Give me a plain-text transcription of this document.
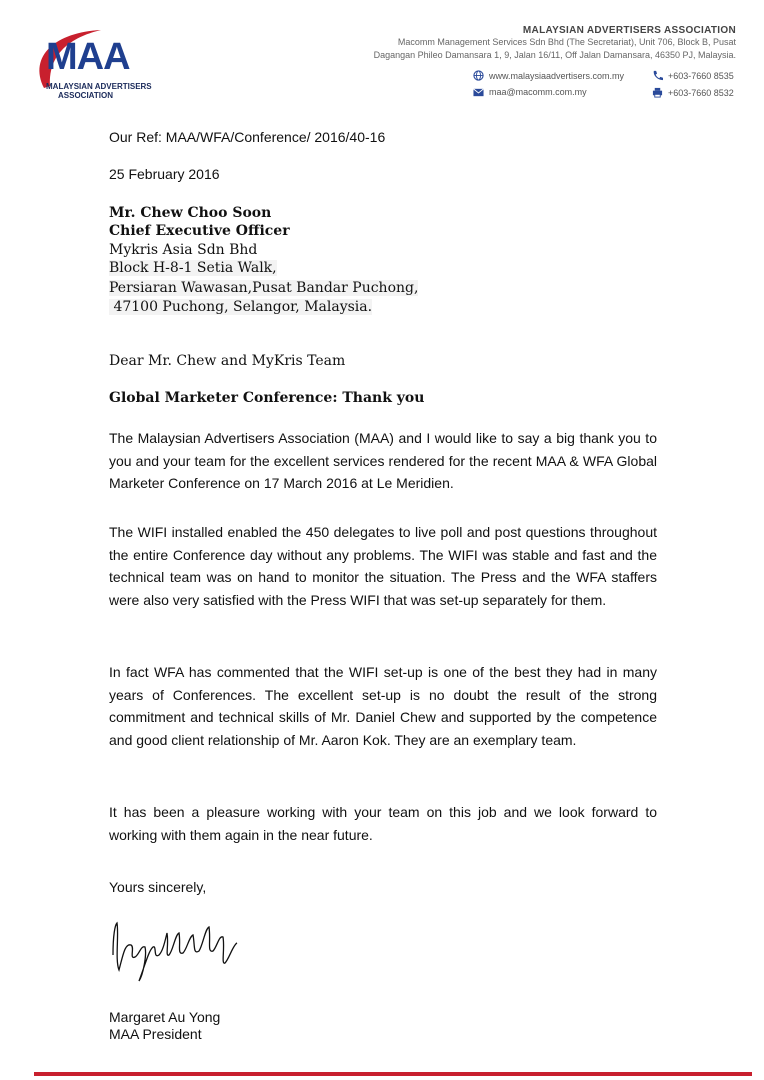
MAA
MALAYSIAN ADVERTISERS
ASSOCIATION
MALAYSIAN ADVERTISERS ASSOCIATION
Macomm Management Services Sdn Bhd (The Secretariat), Unit 706, Block B, Pusat
Dagangan Phileo Damansara 1, 9, Jalan 16/11, Off Jalan Damansara, 46350 PJ, Malaysia.
www.malaysiaadvertisers.com.my	+603-7660 8535
maa@macomm.com.my	+603-7660 8532
Our Ref: MAA/WFA/Conference/ 2016/40-16
25 February 2016
Mr. Chew Choo Soon
Chief Executive Officer
Mykris Asia Sdn Bhd
Block H-8-1 Setia Walk,
Persiaran Wawasan,Pusat Bandar Puchong,
47100 Puchong, Selangor, Malaysia.
Dear Mr. Chew and MyKris Team
Global Marketer Conference: Thank you
The Malaysian Advertisers Association (MAA) and I would like to say a big thank you to you and your team for the excellent services rendered for the recent MAA & WFA Global Marketer Conference on 17 March 2016 at Le Meridien.
The WIFI installed enabled the 450 delegates to live poll and post questions throughout the entire Conference day without any problems. The WIFI was stable and fast and the technical team was on hand to monitor the situation. The Press and the WFA staffers were also very satisfied with the Press WIFI that was set-up separately for them.
In fact WFA has commented that the WIFI set-up is one of the best they had in many years of Conferences. The excellent set-up is no doubt the result of the strong commitment and technical skills of Mr. Daniel Chew and supported by the competence and good client relationship of Mr. Aaron Kok. They are an exemplary team.
It has been a pleasure working with your team on this job and we look forward to working with them again in the near future.
Yours sincerely,
Margaret Au Yong
MAA President
